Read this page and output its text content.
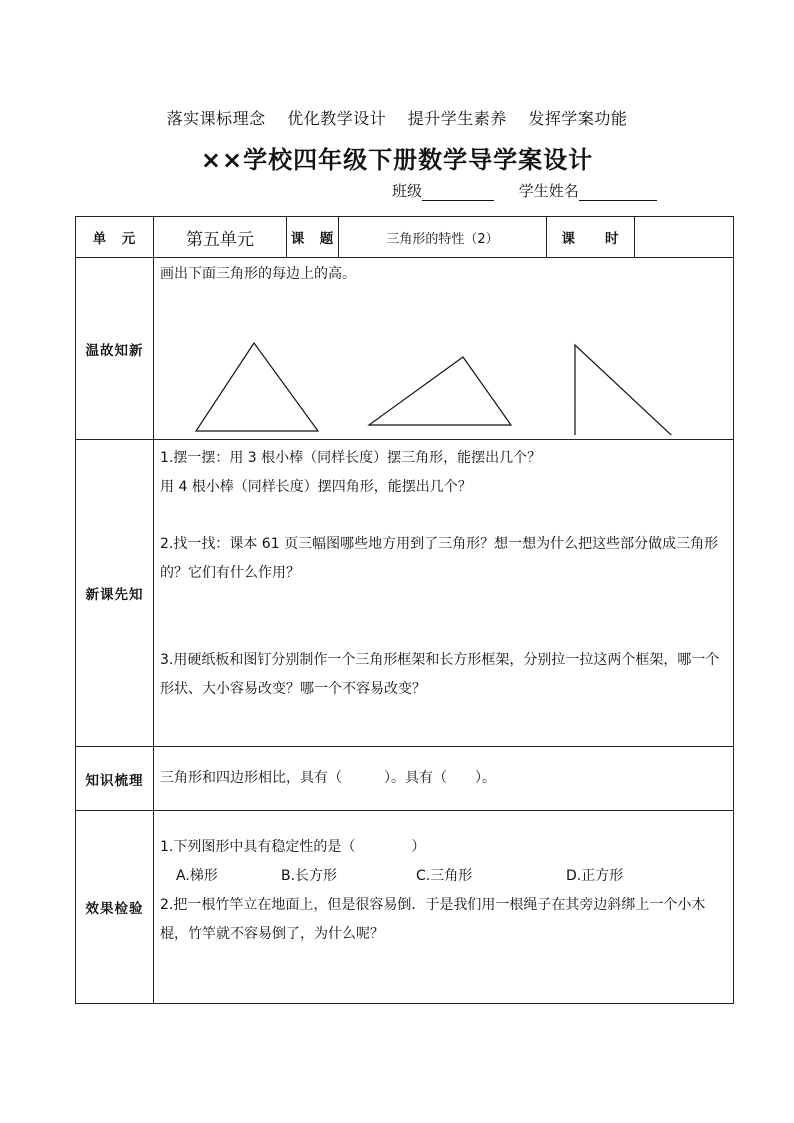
落实课标理念 优化教学设计 提升学生素养 发挥学案功能
××学校四年级下册数学导学案设计
班级	学生姓名
单　元	第五单元	课　题	三角形的特性（2）	课　　时	
温故知新	画出下面三角形的每边上的高。				

新课先知	1.摆一摆：用 3 根小棒（同样长度）摆三角形，能摆出几个？

用 4 根小棒（同样长度）摆四角形，能摆出几个？

2.找一找：课本 61 页三幅图哪些地方用到了三角形？想一想为什么把这些部分做成三角形的？它们有什么作用？

3.用硬纸板和图钉分别制作一个三角形框架和长方形框架，分别拉一拉这两个框架，哪一个形状、大小容易改变？哪一个不容易改变？				

知识梳理	三角形和四边形相比，具有（　　　）。具有（　　）。				

效果检验	1.下列图形中具有稳定性的是（　　　　）

A.梯形 B.长方形 C.三角形 D.正方形

2.把一根竹竿立在地面上，但是很容易倒．于是我们用一根绳子在其旁边斜绑上一个小木棍，竹竿就不容易倒了，为什么呢？				
